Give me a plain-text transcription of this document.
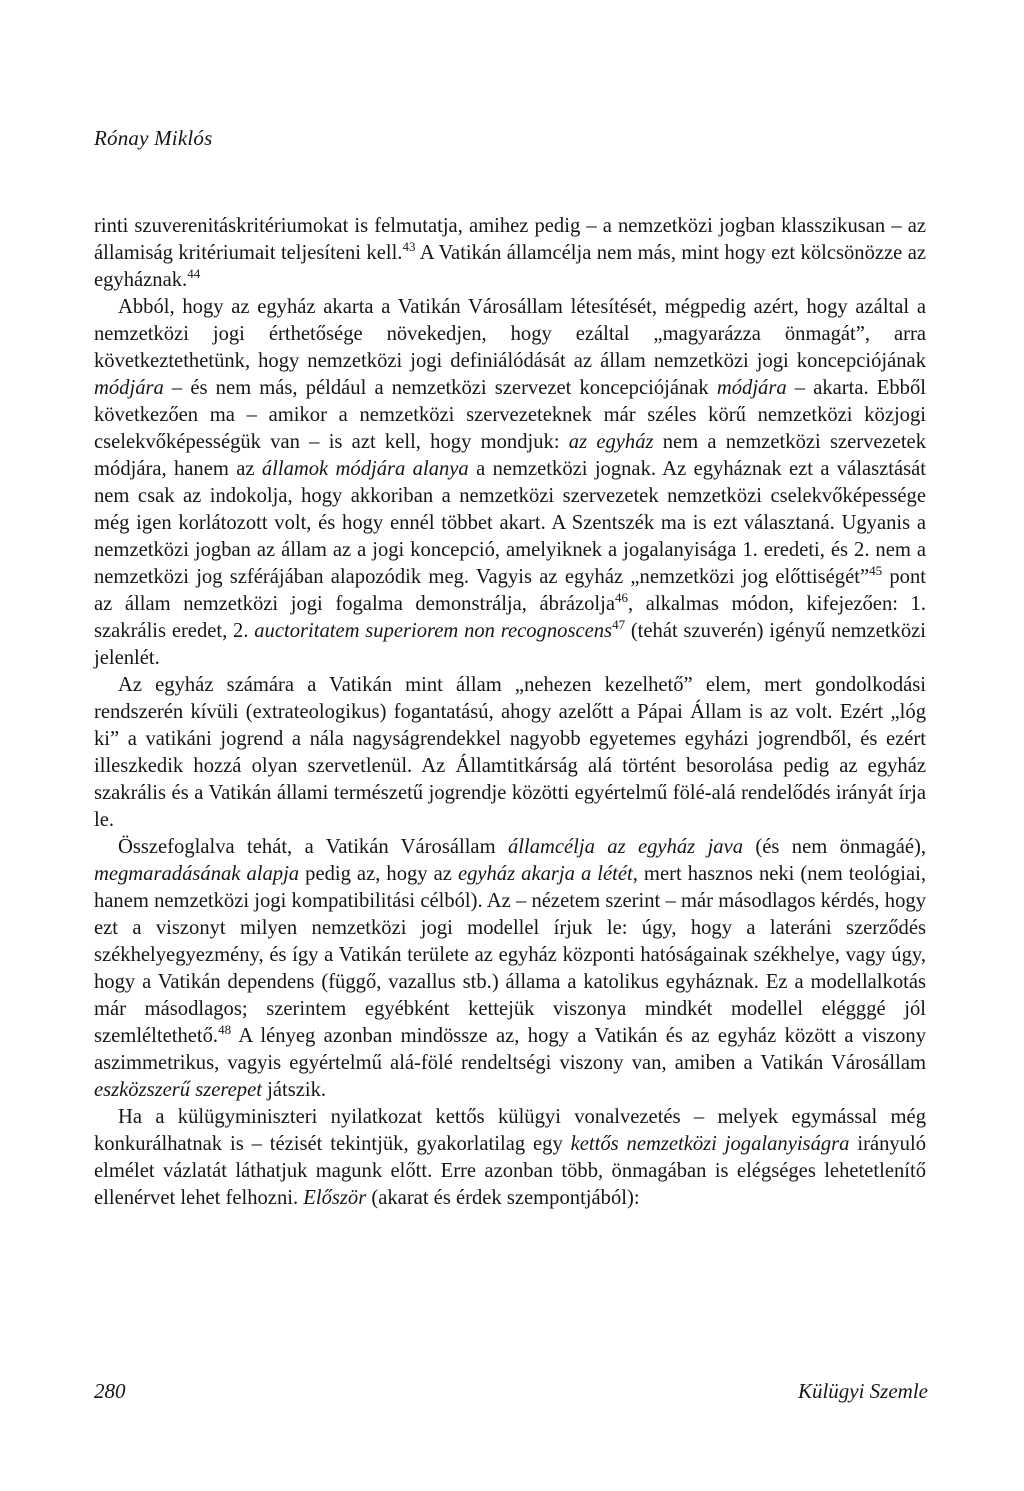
Rónay Miklós

rinti szuverenitáskritériumokat is felmutatja, amihez pedig – a nemzetközi jogban klasszikusan – az államiság kritériumait teljesíteni kell.$^{43}$ A Vatikán államcélja nem más, mint hogy ezt kölcsönözze az egyháznak.$^{44}$

Abból, hogy az egyház akarta a Vatikán Városállam létesítését, mégpedig azért, hogy azáltal a nemzetközi jogi érthetősége növekedjen, hogy ezáltal „magyarázza önmagát”, arra következtethetünk, hogy nemzetközi jogi definiálódását az állam nemzetközi jogi koncepciójának módjára – és nem más, például a nemzetközi szervezet koncepciójának módjára – akarta. Ebből következően ma – amikor a nemzetközi szervezeteknek már széles körű nemzetközi közjogi cselekvőképességük van – is azt kell, hogy mondjuk: az egyház nem a nemzetközi szervezetek módjára, hanem az államok módjára alanya a nemzetközi jognak. Az egyháznak ezt a választását nem csak az indokolja, hogy akkoriban a nemzetközi szervezetek nemzetközi cselekvőképessége még igen korlátozott volt, és hogy ennél többet akart. A Szentszék ma is ezt választaná. Ugyanis a nemzetközi jogban az állam az a jogi koncepció, amelyiknek a jogalanyisága 1. eredeti, és 2. nem a nemzetközi jog szférájában alapozódik meg. Vagyis az egyház „nemzetközi jog előttiségét”$^{45}$ pont az állam nemzetközi jogi fogalma demonstrálja, ábrázolja$^{46}$, alkalmas módon, kifejezően: 1. szakrális eredet, 2. auctoritatem superiorem non recognoscens$^{47}$ (tehát szuverén) igényű nemzetközi jelenlét.

Az egyház számára a Vatikán mint állam „nehezen kezelhető” elem, mert gondolkodási rendszerén kívüli (extrateologikus) fogantatású, ahogy azelőtt a Pápai Állam is az volt. Ezért „lóg ki” a vatikáni jogrend a nála nagyságrendekkel nagyobb egyetemes egyházi jogrendből, és ezért illeszkedik hozzá olyan szervetlenül. Az Államtitkárság alá történt besorolása pedig az egyház szakrális és a Vatikán állami természetű jogrendje közötti egyértelmű fölé-alá rendelődés irányát írja le.

Összefoglalva tehát, a Vatikán Városállam államcélja az egyház java (és nem önmagáé), megmaradásának alapja pedig az, hogy az egyház akarja a létét, mert hasznos neki (nem teológiai, hanem nemzetközi jogi kompatibilitási célból). Az – nézetem szerint – már másodlagos kérdés, hogy ezt a viszonyt milyen nemzetközi jogi modellel írjuk le: úgy, hogy a lateráni szerződés székhelyegyezmény, és így a Vatikán területe az egyház központi hatóságainak székhelye, vagy úgy, hogy a Vatikán dependens (függő, vazallus stb.) állama a katolikus egyháznak. Ez a modellalkotás már másodlagos; szerintem egyébként kettejük viszonya mindkét modellel elégggé jól szemléltethető.$^{48}$ A lényeg azonban mindössze az, hogy a Vatikán és az egyház között a viszony aszimmetrikus, vagyis egyértelmű alá-fölé rendeltségi viszony van, amiben a Vatikán Városállam eszközszerű szerepet játszik.

Ha a külügyminiszteri nyilatkozat kettős külügyi vonalvezetés – melyek egymással még konkurálhatnak is – tézisét tekintjük, gyakorlatilag egy kettős nemzetközi jogalanyiságra irányuló elmélet vázlatát láthatjuk magunk előtt. Erre azonban több, önmagában is elégséges lehetetlenítő ellenérvet lehet felhozni. Először (akarat és érdek szempontjából):

280	Külügyi Szemle
